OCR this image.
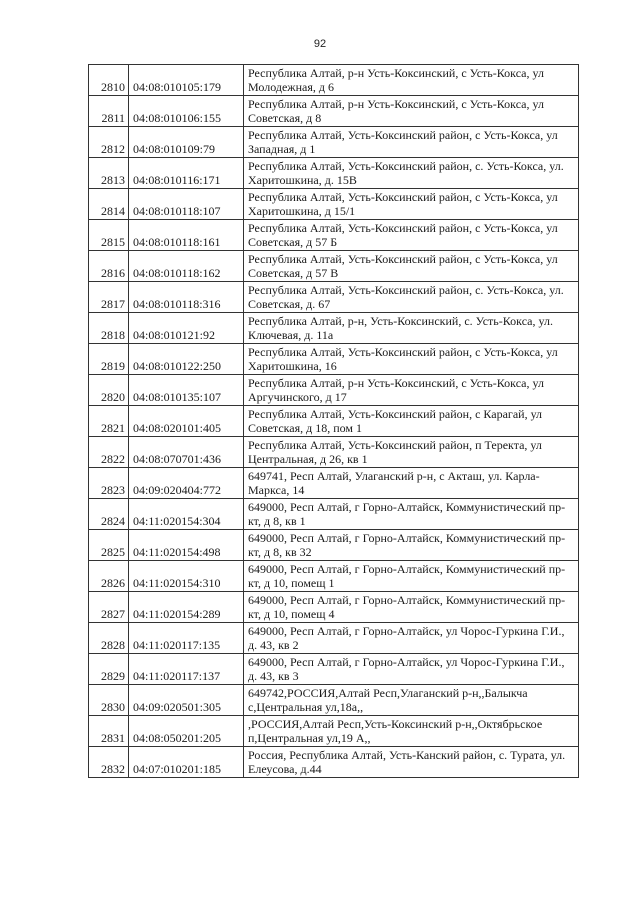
92
2810	04:08:010105:179	Республика Алтай, р-н Усть-Коксинский, с Усть-Кокса, ул Молодежная, д 6
2811	04:08:010106:155	Республика Алтай, р-н Усть-Коксинский, с Усть-Кокса, ул Советская, д 8
2812	04:08:010109:79	Республика Алтай, Усть-Коксинский район, с Усть-Кокса, ул Западная, д 1
2813	04:08:010116:171	Республика Алтай, Усть-Коксинский район, с. Усть-Кокса, ул. Харитошкина, д. 15В
2814	04:08:010118:107	Республика Алтай, Усть-Коксинский район, с Усть-Кокса, ул Харитошкина, д 15/1
2815	04:08:010118:161	Республика Алтай, Усть-Коксинский район, с Усть-Кокса, ул Советская, д 57 Б
2816	04:08:010118:162	Республика Алтай, Усть-Коксинский район, с Усть-Кокса, ул Советская, д 57 В
2817	04:08:010118:316	Республика Алтай, Усть-Коксинский район, с. Усть-Кокса, ул. Советская, д. 67
2818	04:08:010121:92	Республика Алтай, р-н, Усть-Коксинский, с. Усть-Кокса, ул. Ключевая, д. 11а
2819	04:08:010122:250	Республика Алтай, Усть-Коксинский район, с Усть-Кокса, ул Харитошкина, 16
2820	04:08:010135:107	Республика Алтай, р-н Усть-Коксинский, с Усть-Кокса, ул Аргучинского, д 17
2821	04:08:020101:405	Республика Алтай, Усть-Коксинский район, с Карагай, ул Советская, д 18, пом 1
2822	04:08:070701:436	Республика Алтай, Усть-Коксинский район, п Теректа, ул Центральная, д 26, кв 1
2823	04:09:020404:772	649741, Респ Алтай, Улаганский р-н, с Акташ, ул. Карла-Маркса, 14
2824	04:11:020154:304	649000, Респ Алтай, г Горно-Алтайск, Коммунистический пр-кт, д 8, кв 1
2825	04:11:020154:498	649000, Респ Алтай, г Горно-Алтайск, Коммунистический пр-кт, д 8, кв 32
2826	04:11:020154:310	649000, Респ Алтай, г Горно-Алтайск, Коммунистический пр-кт, д 10, помещ 1
2827	04:11:020154:289	649000, Респ Алтай, г Горно-Алтайск, Коммунистический пр-кт, д 10, помещ 4
2828	04:11:020117:135	649000, Респ Алтай, г Горно-Алтайск, ул Чорос-Гуркина Г.И., д. 43, кв 2
2829	04:11:020117:137	649000, Респ Алтай, г Горно-Алтайск, ул Чорос-Гуркина Г.И., д. 43, кв 3
2830	04:09:020501:305	649742,РОССИЯ,Алтай Респ,Улаганский р-н,,Балыкча с,Центральная ул,18а,,
2831	04:08:050201:205	,РОССИЯ,Алтай Респ,Усть-Коксинский р-н,,Октябрьское п,Центральная ул,19 А,,
2832	04:07:010201:185	Россия, Республика Алтай, Усть-Канский район, с. Турата, ул. Елеусова, д.44
